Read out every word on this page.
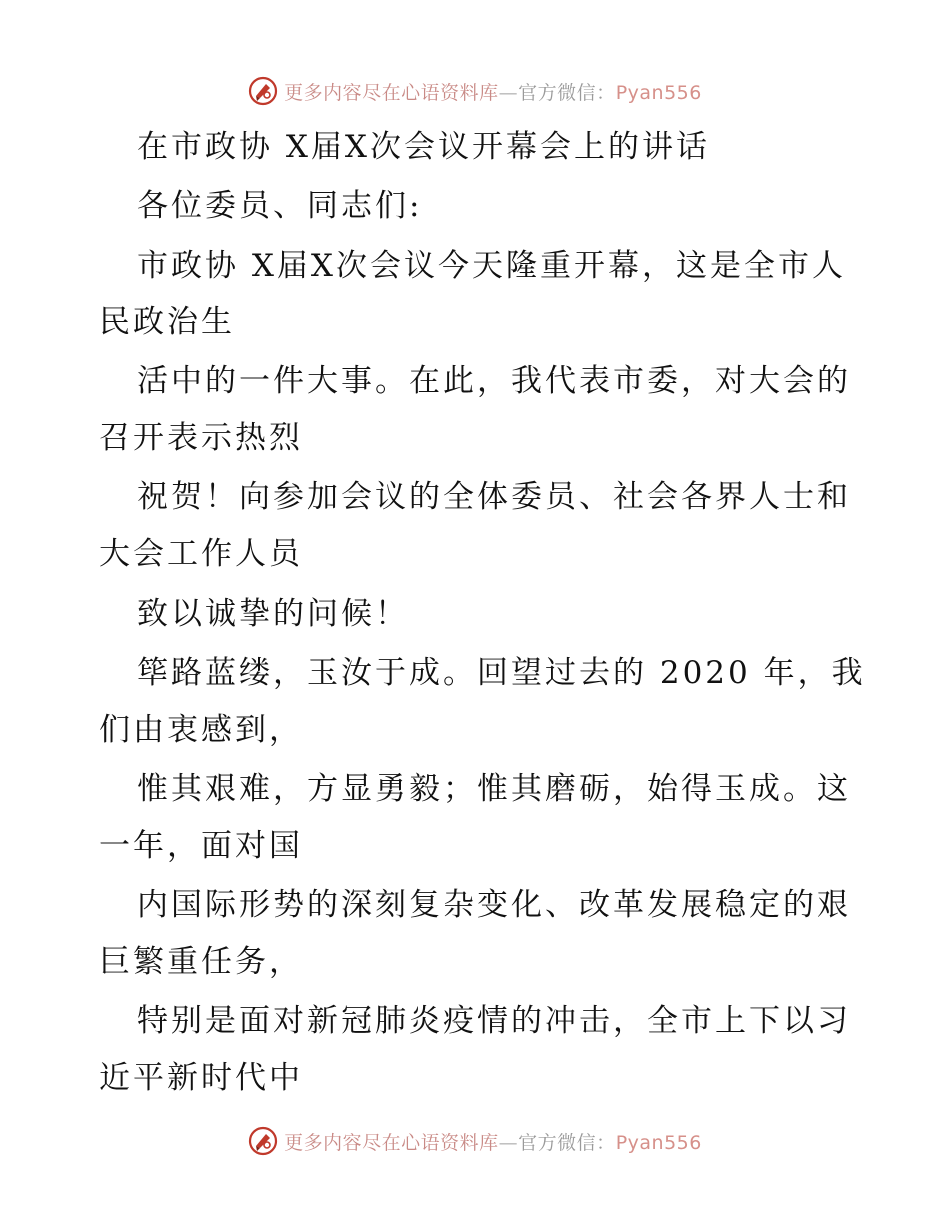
更多内容尽在心语资料库—官方微信：Pyan556
在市政协 X届X次会议开幕会上的讲话
各位委员、同志们:
市政协 X届X次会议今天隆重开幕，这是全市人
民政治生
活中的一件大事。在此，我代表市委，对大会的
召开表示热烈
祝贺！向参加会议的全体委员、社会各界人士和
大会工作人员
致以诚挚的问候！
筚路蓝缕，玉汝于成。回望过去的 2020 年，我
们由衷感到，
惟其艰难，方显勇毅；惟其磨砺，始得玉成。这
一年，面对国
内国际形势的深刻复杂变化、改革发展稳定的艰
巨繁重任务，
特别是面对新冠肺炎疫情的冲击，全市上下以习
近平新时代中
更多内容尽在心语资料库—官方微信：Pyan556
